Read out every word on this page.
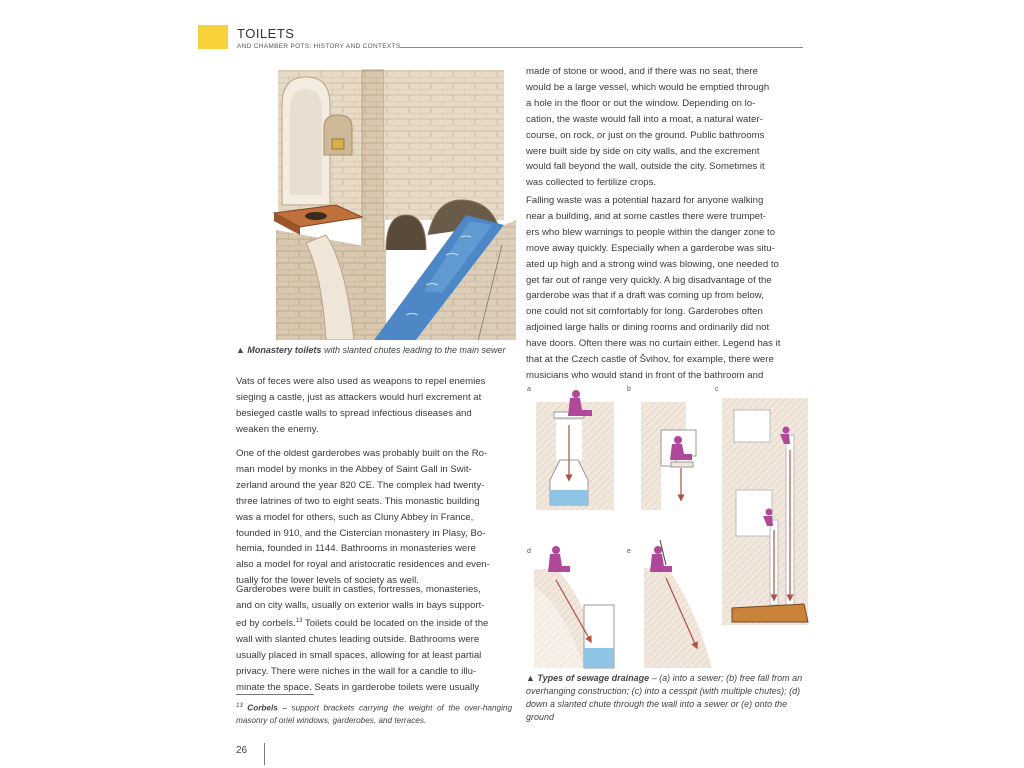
TOILETS
AND CHAMBER POTS: HISTORY AND CONTEXTS
▲ Monastery toilets with slanted chutes leading to the main sewer
Vats of feces were also used as weapons to repel enemies
sieging a castle, just as attackers would hurl excrement at
besieged castle walls to spread infectious diseases and
weaken the enemy.
One of the oldest garderobes was probably built on the Ro-
man model by monks in the Abbey of Saint Gall in Swit-
zerland around the year 820 CE. The complex had twenty-
three latrines of two to eight seats. This monastic building
was a model for others, such as Cluny Abbey in France,
founded in 910, and the Cistercian monastery in Plasy, Bo-
hemia, founded in 1144. Bathrooms in monasteries were
also a model for royal and aristocratic residences and even-
tually for the lower levels of society as well.
Garderobes were built in castles, fortresses, monasteries,
and on city walls, usually on exterior walls in bays support-
ed by corbels.$^{13}$ Toilets could be located on the inside of the
wall with slanted chutes leading outside. Bathrooms were
usually placed in small spaces, allowing for at least partial
privacy. There were niches in the wall for a candle to illu-
minate the space. Seats in garderobe toilets were usually
$^{13}$ Corbels – support brackets carrying the weight of the over-hanging masonry of oriel windows, garderobes, and terraces.
made of stone or wood, and if there was no seat, there
would be a large vessel, which would be emptied through
a hole in the floor or out the window. Depending on lo-
cation, the waste would fall into a moat, a natural water-
course, on rock, or just on the ground. Public bathrooms
were built side by side on city walls, and the excrement
would fall beyond the wall, outside the city. Sometimes it
was collected to fertilize crops.
Falling waste was a potential hazard for anyone walking
near a building, and at some castles there were trumpet-
ers who blew warnings to people within the danger zone to
move away quickly. Especially when a garderobe was situ-
ated up high and a strong wind was blowing, one needed to
get far out of range very quickly. A big disadvantage of the
garderobe was that if a draft was coming up from below,
one could not sit comfortably for long. Garderobes often
adjoined large halls or dining rooms and ordinarily did not
have doors. Often there was no curtain either. Legend has it
that at the Czech castle of Švihov, for example, there were
musicians who would stand in front of the bathroom and
a	b	c
d	e
▲ Types of sewage drainage – (a) into a sewer; (b) free fall from an overhanging construction; (c) into a cesspit (with multiple chutes); (d) down a slanted chute through the wall into a sewer or (e) onto the ground
26
